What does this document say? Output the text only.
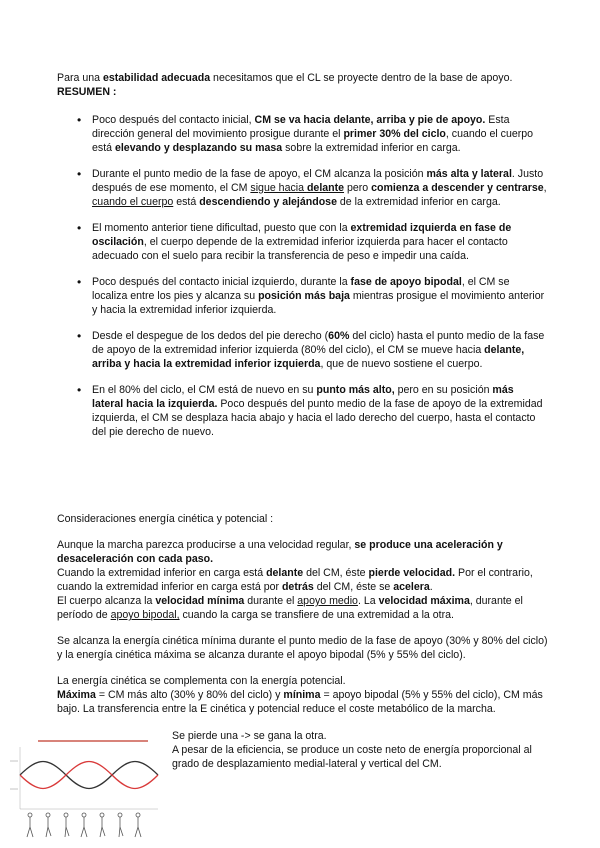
Para una estabilidad adecuada necesitamos que el CL se proyecte dentro de la base de apoyo.

RESUMEN :

• Poco después del contacto inicial, CM se va hacia delante, arriba y pie de apoyo. Esta dirección general del movimiento prosigue durante el primer 30% del ciclo, cuando el cuerpo está elevando y desplazando su masa sobre la extremidad inferior en carga.
• Durante el punto medio de la fase de apoyo, el CM alcanza la posición más alta y lateral. Justo después de ese momento, el CM sigue hacia delante pero comienza a descender y centrarse, cuando el cuerpo está descendiendo y alejándose de la extremidad inferior en carga.
• El momento anterior tiene dificultad, puesto que con la extremidad izquierda en fase de oscilación, el cuerpo depende de la extremidad inferior izquierda para hacer el contacto adecuado con el suelo para recibir la transferencia de peso e impedir una caída.
• Poco después del contacto inicial izquierdo, durante la fase de apoyo bipodal, el CM se localiza entre los pies y alcanza su posición más baja mientras prosigue el movimiento anterior y hacia la extremidad inferior izquierda.
• Desde el despegue de los dedos del pie derecho (60% del ciclo) hasta el punto medio de la fase de apoyo de la extremidad inferior izquierda (80% del ciclo), el CM se mueve hacia delante, arriba y hacia la extremidad inferior izquierda, que de nuevo sostiene el cuerpo.
• En el 80% del ciclo, el CM está de nuevo en su punto más alto, pero en su posición más lateral hacia la izquierda. Poco después del punto medio de la fase de apoyo de la extremidad izquierda, el CM se desplaza hacia abajo y hacia el lado derecho del cuerpo, hasta el contacto del pie derecho de nuevo.

Consideraciones energía cinética y potencial :

Aunque la marcha parezca producirse a una velocidad regular, se produce una aceleración y desaceleración con cada paso.

Cuando la extremidad inferior en carga está delante del CM, éste pierde velocidad. Por el contrario, cuando la extremidad inferior en carga está por detrás del CM, éste se acelera.

El cuerpo alcanza la velocidad mínima durante el apoyo medio. La velocidad máxima, durante el período de apoyo bipodal, cuando la carga se transfiere de una extremidad a la otra.

Se alcanza la energía cinética mínima durante el punto medio de la fase de apoyo (30% y 80% del ciclo) y la energía cinética máxima se alcanza durante el apoyo bipodal (5% y 55% del ciclo).

La energía cinética se complementa con la energía potencial.

Máxima = CM más alto (30% y 80% del ciclo) y mínima = apoyo bipodal (5% y 55% del ciclo), CM más bajo. La transferencia entre la E cinética y potencial reduce el coste metabólico de la marcha.

Se pierde una -> se gana la otra.

A pesar de la eficiencia, se produce un coste neto de energía proporcional al grado de desplazamiento medial-lateral y vertical del CM.
